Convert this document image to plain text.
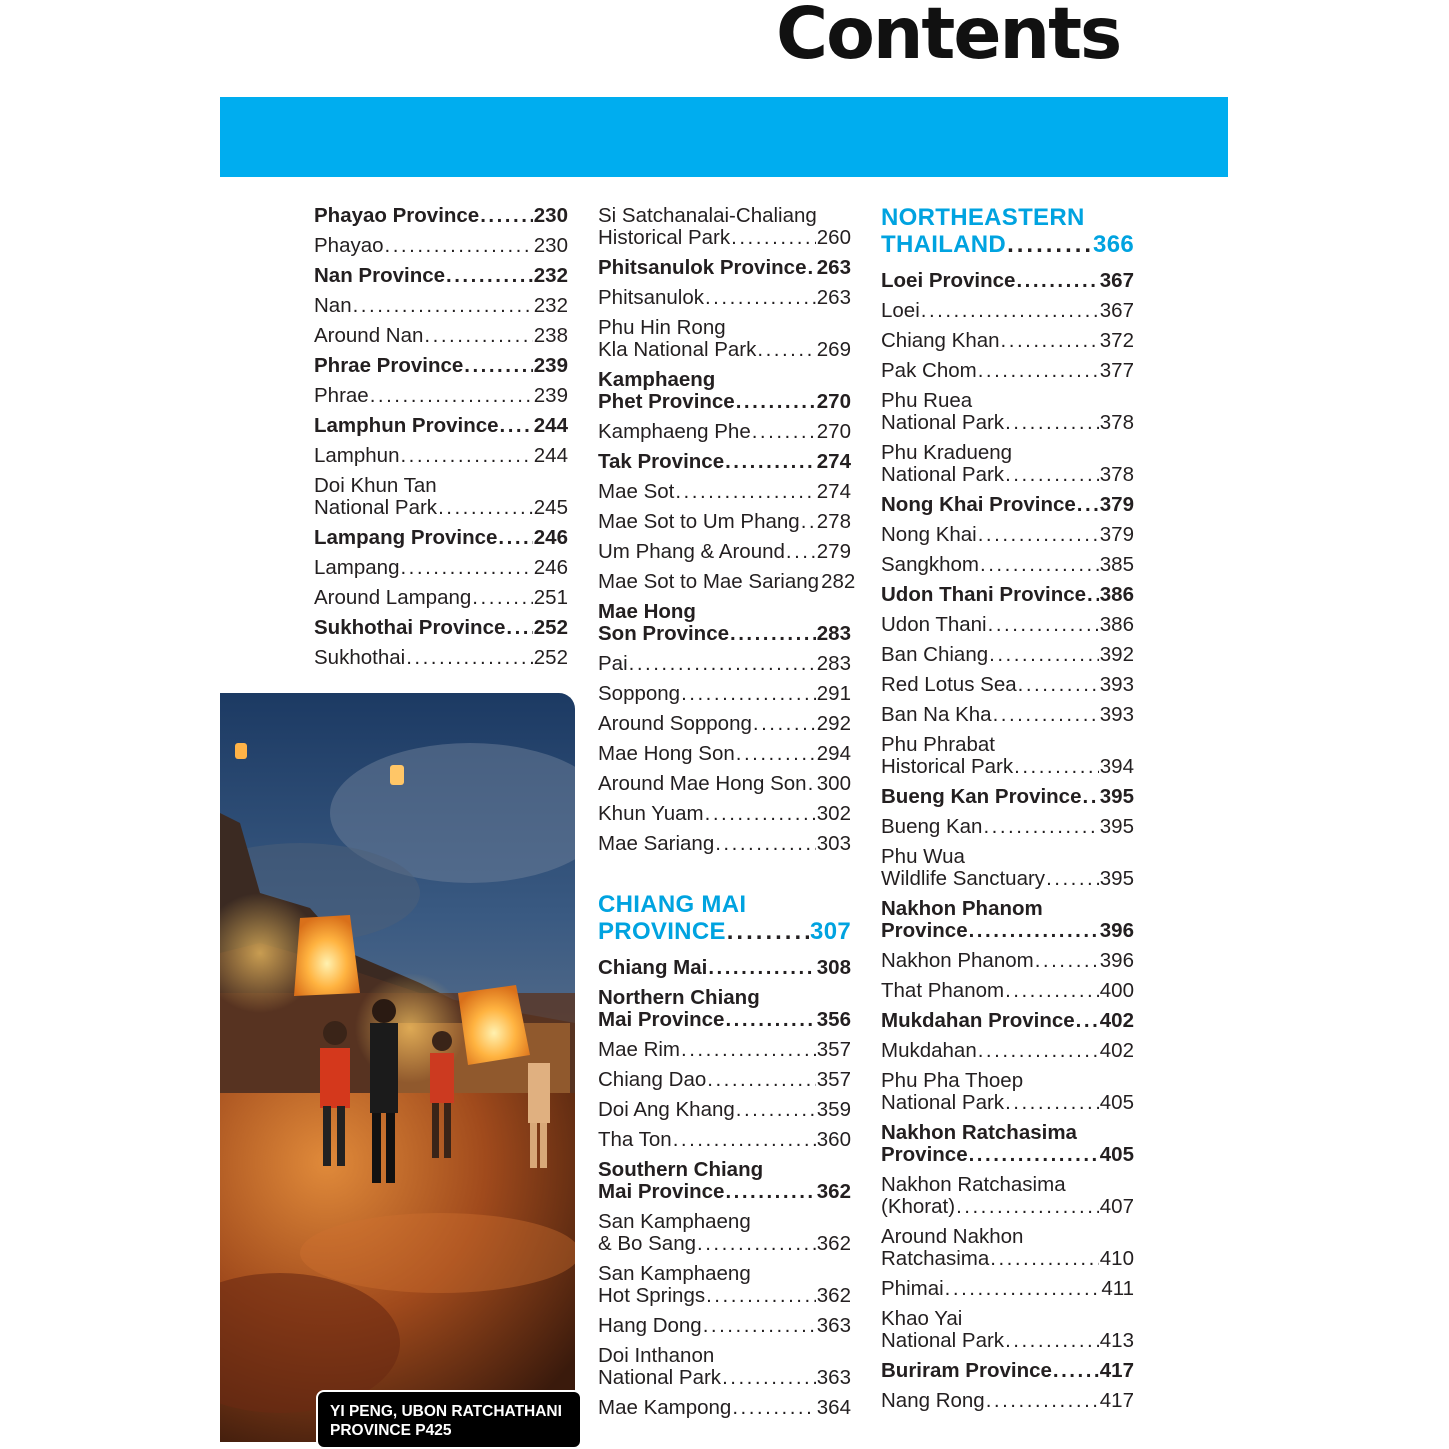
Contents
Phayao Province .....	230
Phayao .....	230
Nan Province .....	232
Nan .....	232
Around Nan .....	238
Phrae Province .....	239
Phrae .....	239
Lamphun Province ..... 244
Lamphun .....	244
Doi Khun Tan
National Park .....	245
Lampang Province ..... 246
Lampang .....	246
Around Lampang .....	251
Sukhothai Province ..... 252
Sukhothai .....	252
Si Satchanalai-Chaliang
Historical Park .....	260
Phitsanulok Province ..... 263
Phitsanulok .....	263
Phu Hin Rong
Kla National Park .....	269
Kamphaeng
Phet Province .....	270
Kamphaeng Phe .....	270
Tak Province .....	274
Mae Sot .....	274
Mae Sot to Um Phang ..... 278
Um Phang & Around ..... 279
Mae Sot to Mae Sariang 282
Mae Hong
Son Province .....	283
Pai .....	283
Soppong .....	291
Around Soppong .....	292
Mae Hong Son .....	294
Around Mae Hong Son ..... 300
Khun Yuam .....	302
Mae Sariang .....	303
CHIANG MAI
PROVINCE .....	307
Chiang Mai .....	308
Northern Chiang
Mai Province .....	356
Mae Rim .....	357
Chiang Dao .....	357
Doi Ang Khang .....	359
Tha Ton .....	360
Southern Chiang
Mai Province .....	362
San Kamphaeng
& Bo Sang .....	362
San Kamphaeng
Hot Springs .....	362
Hang Dong .....	363
Doi Inthanon
National Park .....	363
Mae Kampong .....	364
NORTHEASTERN
THAILAND .....	366
Loei Province .....	367
Loei .....	367
Chiang Khan .....	372
Pak Chom .....	377
Phu Ruea
National Park .....	378
Phu Kradueng
National Park .....	378
Nong Khai Province ..... 379
Nong Khai .....	379
Sangkhom .....	385
Udon Thani Province ..... 386
Udon Thani .....	386
Ban Chiang .....	392
Red Lotus Sea .....	393
Ban Na Kha .....	393
Phu Phrabat
Historical Park .....	394
Bueng Kan Province ..... 395
Bueng Kan .....	395
Phu Wua
Wildlife Sanctuary .....	395
Nakhon Phanom
Province .....	396
Nakhon Phanom .....	396
That Phanom .....	400
Mukdahan Province ..... 402
Mukdahan .....	402
Phu Pha Thoep
National Park .....	405
Nakhon Ratchasima
Province .....	405
Nakhon Ratchasima
(Khorat) .....	407
Around Nakhon
Ratchasima .....	410
Phimai .....	411
Khao Yai
National Park .....	413
Buriram Province ..... 417
Nang Rong .....	417
YI PENG, UBON RATCHATHANI
PROVINCE P425
